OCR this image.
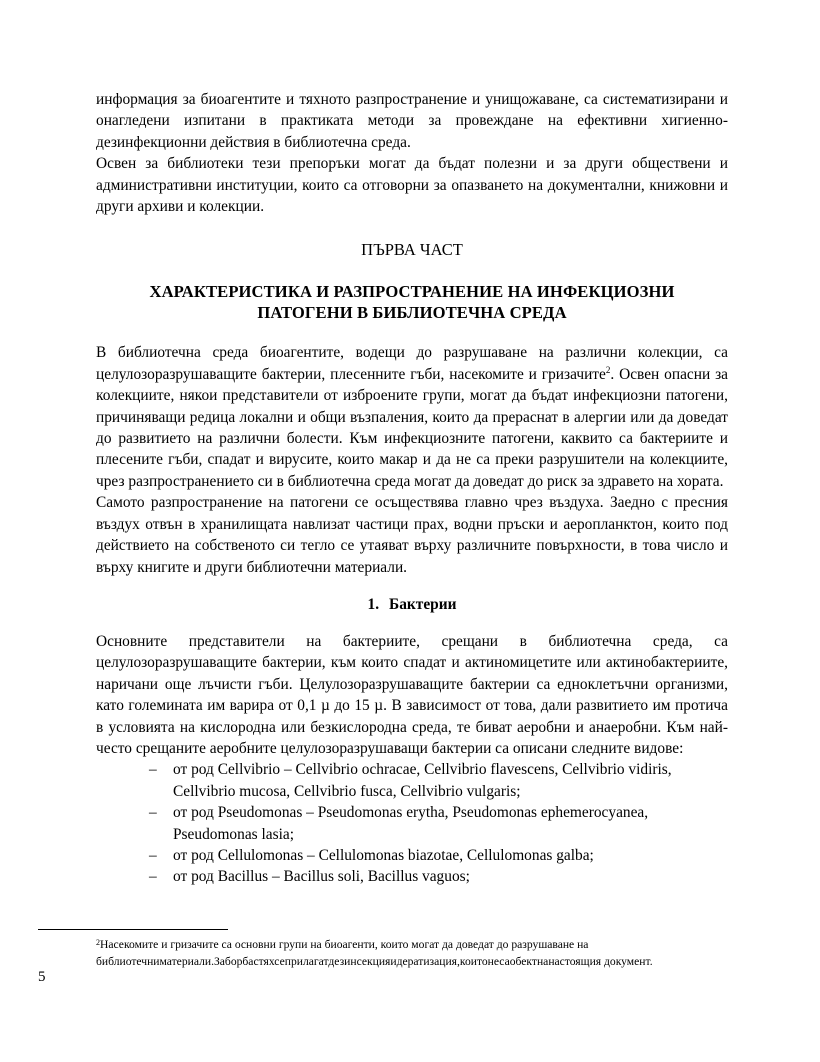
информация за биоагентите и тяхното разпространение и унищожаване, са систематизирани и онагледени изпитани в практиката методи за провеждане на ефективни хигиенно- дезинфекционни действия в библиотечна среда.

Освен за библиотеки тези препоръки могат да бъдат полезни и за други обществени и административни институции, които са отговорни за опазването на документални, книжовни и други архиви и колекции.

ПЪРВА ЧАСТ
ХАРАКТЕРИСТИКА И РАЗПРОСТРАНЕНИЕ НА ИНФЕКЦИОЗНИ
ПАТОГЕНИ В БИБЛИОТЕЧНА СРЕДА

В библиотечна среда биоагентите, водещи до разрушаване на различни колекции, са целулозоразрушаващите бактерии, плесенните гъби, насекомите и гризачите$^2$. Освен опасни за колекциите, някои представители от изброените групи, могат да бъдат инфекциозни патогени, причиняващи редица локални и общи възпаления, които да прераснат в алергии или да доведат до развитието на различни болести. Към инфекциозните патогени, каквито са бактериите и плесените гъби, спадат и вирусите, които макар и да не са преки разрушители на колекциите, чрез разпространението си в библиотечна среда могат да доведат до риск за здравето на хората.

Самото разпространение на патогени се осъществява главно чрез въздуха. Заедно с пресния въздух отвън в хранилищата навлизат частици прах, водни пръски и аеропланктон, които под действието на собственото си тегло се утаяват върху различните повърхности, в това число и върху книгите и други библиотечни материали.

1. Бактерии

Основните представители на бактериите, срещани в библиотечна среда, са целулозоразрушаващите бактерии, към които спадат и актиномицетите или актинобактериите, наричани още лъчисти гъби. Целулозоразрушаващите бактерии са едноклетъчни организми, като големината им варира от 0,1 µ до 15 µ. В зависимост от това, дали развитието им протича в условията на кислородна или безкислородна среда, те биват аеробни и анаеробни. Към най-често срещаните аеробните целулозоразрушаващи бактерии са описани следните видове:

– от род Cellvibrio – Cellvibrio ochracae, Cellvibrio flavescens, Cellvibrio vidiris,
Cellvibrio mucosa, Cellvibrio fusca, Cellvibrio vulgaris;
– от род Pseudomonas – Pseudomonas erytha, Pseudomonas ephemerocyanea,
Pseudomonas lasia;
– от род Cellulomonas – Cellulomonas biazotae, Cellulomonas galba;
– от род Bacillus – Bacillus soli, Bacillus vaguos;
$^2$Насекомите и гризачите са основни групи на биоагенти, които могат да доведат до разрушаване на
библиотечниматериали.Заборбастяхсеприлагатдезинсекцияидератизация,коитонесаобектнанастоящия документ.
5
